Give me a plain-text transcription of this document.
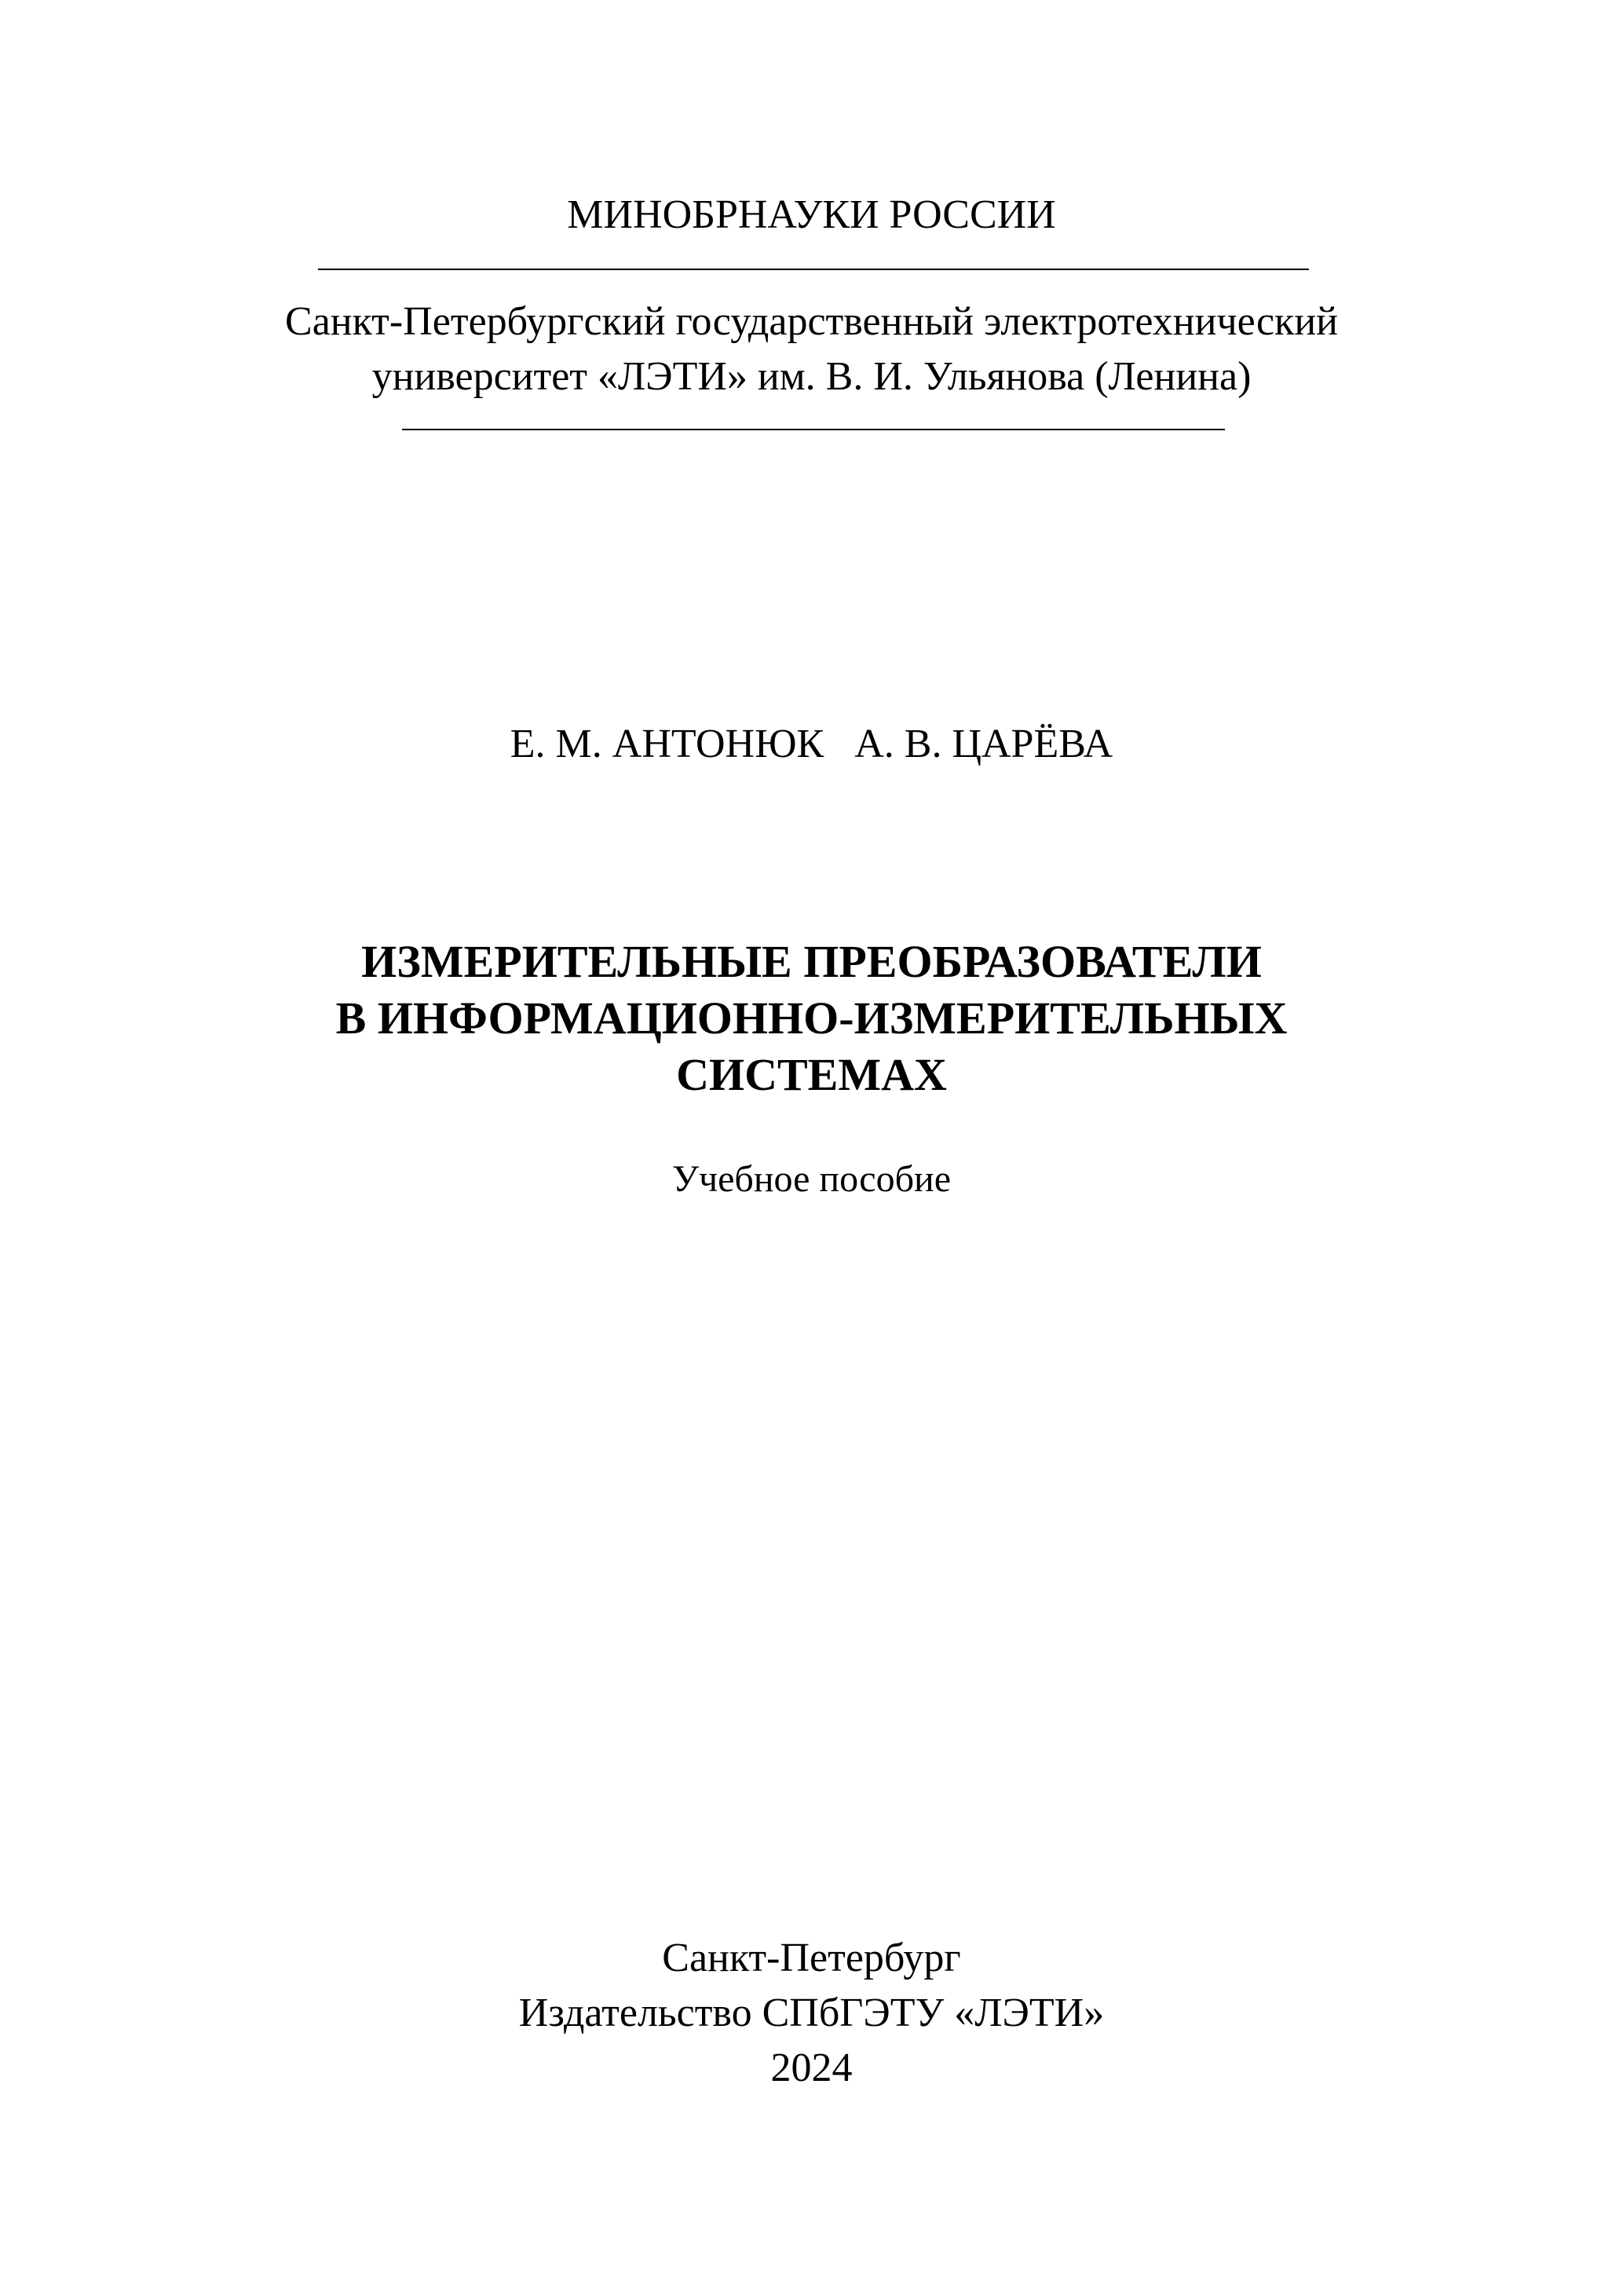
МИНОБРНАУКИ РОССИИ
Санкт-Петербургский государственный электротехнический
университет «ЛЭТИ» им. В. И. Ульянова (Ленина)
Е. М. АНТОНЮК   А. В. ЦАРЁВА
ИЗМЕРИТЕЛЬНЫЕ ПРЕОБРАЗОВАТЕЛИ
В ИНФОРМАЦИОННО-ИЗМЕРИТЕЛЬНЫХ
СИСТЕМАХ
Учебное пособие
Санкт-Петербург
Издательство СПбГЭТУ «ЛЭТИ»
2024
